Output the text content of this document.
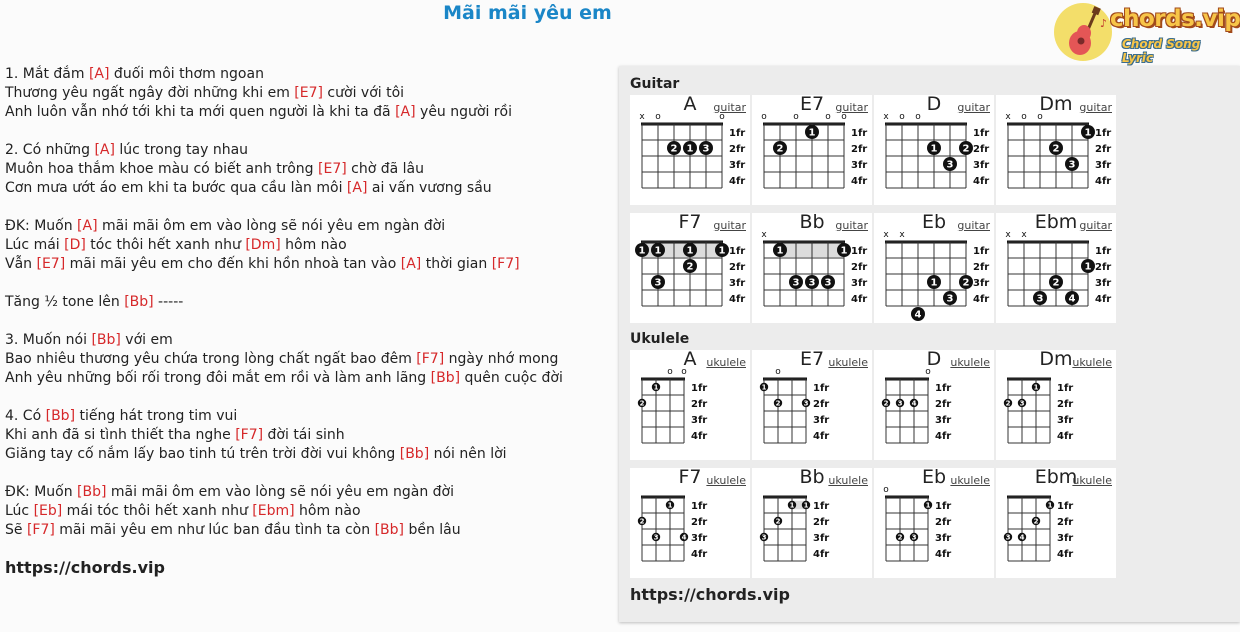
Mãi mãi yêu em	♪ chords.vip
Chord Song Lyric
1. Mắt đắm [A] đuối môi thơm ngoan
Thương yêu ngất ngây đời những khi em [E7] cười với tôi
Anh luôn vẫn nhớ tới khi ta mới quen người là khi ta đã [A] yêu người rồi
2. Có những [A] lúc trong tay nhau
Muôn hoa thắm khoe màu có biết anh trông [E7] chờ đã lâu
Cơn mưa ướt áo em khi ta bước qua cầu làn môi [A] ai vấn vương sầu
ĐK: Muốn [A] mãi mãi ôm em vào lòng sẽ nói yêu em ngàn đời
Lúc mái [D] tóc thôi hết xanh như [Dm] hôm nào
Vẫn [E7] mãi mãi yêu em cho đến khi hồn nhoà tan vào [A] thời gian [F7]
Tăng ½ tone lên [Bb] -----
3. Muốn nói [Bb] với em
Bao nhiêu thương yêu chứa trong lòng chất ngất bao đêm [F7] ngày nhớ mong
Anh yêu những bối rối trong đôi mắt em rồi và làm anh lãng [Bb] quên cuộc đời
4. Có [Bb] tiếng hát trong tim vui
Khi anh đã si tình thiết tha nghe [F7] đời tái sinh
Giăng tay cố nắm lấy bao tinh tú trên trời đời vui không [Bb] nói nên lời
ĐK: Muốn [Bb] mãi mãi ôm em vào lòng sẽ nói yêu em ngàn đời
Lúc [Eb] mái tóc thôi hết xanh như [Ebm] hôm nào
Sẽ [F7] mãi mãi yêu em như lúc ban đầu tình ta còn [Bb] bền lâu
https://chords.vip
Guitar
Ukulele
https://chords.vip
A	guitar
1fr
2fr
3fr
4fr
x o	o
2 1 3
E7	guitar
1fr
2fr
3fr
4fr
o	o	o o
2
1
D	guitar
1fr
2fr
3fr
4fr
x o o
1	2
3
Dm guitar
1fr
2fr
3fr
4fr
x o o
1
2
3
F7	guitar
1fr
2fr
3fr
4fr
1 1	1	1
2
3
Bb guitar
1fr
2fr
3fr
4fr
x
1	1
3 3 3
Eb	guitar
1fr
2fr
3fr
4fr
x x
1	2
3
4
Ebm guitar
1fr
2fr
3fr
4fr
x x
1
2
3	4
A ukulele
1fr
2fr
3fr
4fr
o o
1
2
E7 ukulele
1fr
2fr
3fr
4fr
o
1
2	3
D ukulele
1fr
2fr
3fr
4fr
o
2 3 4
Dm ukulele
1fr
2fr
3fr
4fr
1
2 3
F7 ukulele
1fr
2fr
3fr
4fr
1
2
3	4
Bb ukulele
1fr
2fr
3fr
4fr
1 1
2
3
Eb ukulele
1fr
2fr
3fr
4fr
o
1
2 3
Ebm
ukulele
1fr
2fr
3fr
4fr
1
2
3 4
